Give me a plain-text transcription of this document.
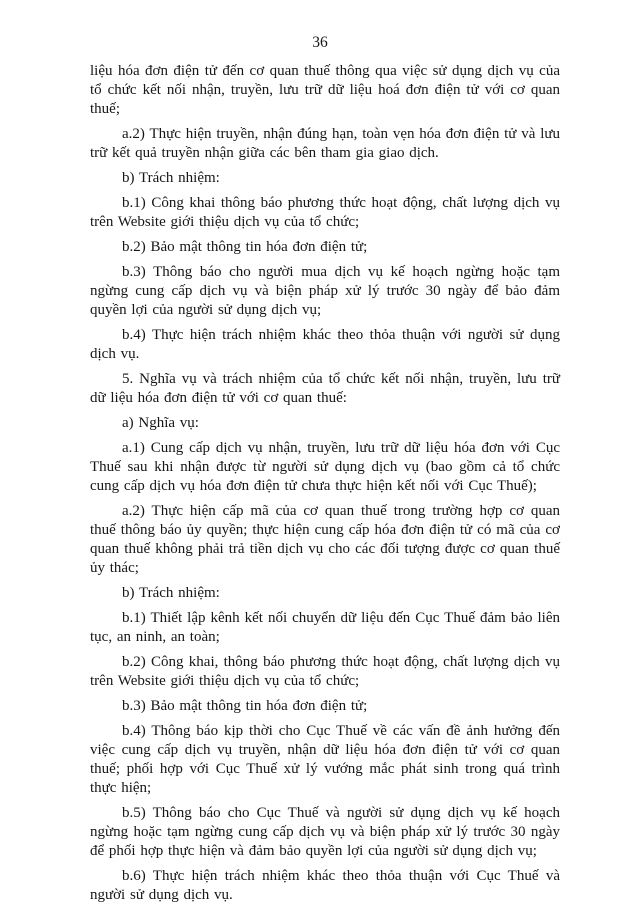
36

liệu hóa đơn điện tử đến cơ quan thuế thông qua việc sử dụng dịch vụ của tổ chức kết nối nhận, truyền, lưu trữ dữ liệu hoá đơn điện tử với cơ quan thuế;

a.2) Thực hiện truyền, nhận đúng hạn, toàn vẹn hóa đơn điện tử và lưu trữ kết quả truyền nhận giữa các bên tham gia giao dịch.

b) Trách nhiệm:

b.1) Công khai thông báo phương thức hoạt động, chất lượng dịch vụ trên Website giới thiệu dịch vụ của tổ chức;

b.2) Bảo mật thông tin hóa đơn điện tử;

b.3) Thông báo cho người mua dịch vụ kế hoạch ngừng hoặc tạm ngừng cung cấp dịch vụ và biện pháp xử lý trước 30 ngày để bảo đảm quyền lợi của người sử dụng dịch vụ;

b.4) Thực hiện trách nhiệm khác theo thỏa thuận với người sử dụng dịch vụ.

5. Nghĩa vụ và trách nhiệm của tổ chức kết nối nhận, truyền, lưu trữ dữ liệu hóa đơn điện tử với cơ quan thuế:

a) Nghĩa vụ:

a.1) Cung cấp dịch vụ nhận, truyền, lưu trữ dữ liệu hóa đơn với Cục Thuế sau khi nhận được từ người sử dụng dịch vụ (bao gồm cả tổ chức cung cấp dịch vụ hóa đơn điện tử chưa thực hiện kết nối với Cục Thuế);

a.2) Thực hiện cấp mã của cơ quan thuế trong trường hợp cơ quan thuế thông báo ủy quyền; thực hiện cung cấp hóa đơn điện tử có mã của cơ quan thuế không phải trả tiền dịch vụ cho các đối tượng được cơ quan thuế ủy thác;

b) Trách nhiệm:

b.1) Thiết lập kênh kết nối chuyển dữ liệu đến Cục Thuế đảm bảo liên tục, an ninh, an toàn;

b.2) Công khai, thông báo phương thức hoạt động, chất lượng dịch vụ trên Website giới thiệu dịch vụ của tổ chức;

b.3) Bảo mật thông tin hóa đơn điện tử;

b.4) Thông báo kịp thời cho Cục Thuế về các vấn đề ảnh hưởng đến việc cung cấp dịch vụ truyền, nhận dữ liệu hóa đơn điện tử với cơ quan thuế; phối hợp với Cục Thuế xử lý vướng mắc phát sinh trong quá trình thực hiện;

b.5) Thông báo cho Cục Thuế và người sử dụng dịch vụ kế hoạch ngừng hoặc tạm ngừng cung cấp dịch vụ và biện pháp xử lý trước 30 ngày để phối hợp thực hiện và đảm bảo quyền lợi của người sử dụng dịch vụ;

b.6) Thực hiện trách nhiệm khác theo thỏa thuận với Cục Thuế và người sử dụng dịch vụ.
